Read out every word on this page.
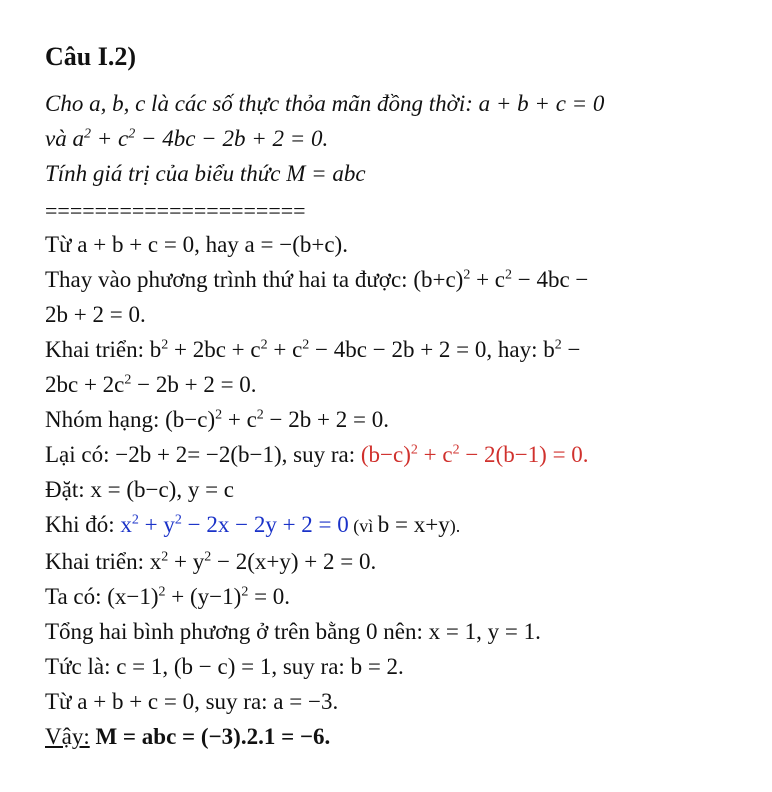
Câu I.2)
Cho a, b, c là các số thực thỏa mãn đồng thời: a + b + c = 0
và $a^2 + c^2 - 4bc - 2b + 2 = 0$.
Tính giá trị của biểu thức M = abc
=====================
Từ a + b + c = 0, hay a = −(b+c).
Thay vào phương trình thứ hai ta được: $(b+c)^2 + c^2 - 4bc$ −
2b + 2 = 0.
Khai triển: $b^2 + 2bc + c^2 + c^2 - 4bc - 2b + 2 = 0$, hay: $b^2$ −
$2bc + 2c^2 - 2b + 2 = 0$.
Nhóm hạng: $(b-c)^2 + c^2 - 2b + 2 = 0$.
Lại có: −2b + 2= −2(b−1), suy ra: $(b-c)^2 + c^2 - 2(b-1) = 0$.
Đặt: x = (b−c), y = c
Khi đó: $x^2 + y^2 - 2x - 2y + 2 = 0$ (vì b = x+y).
Khai triển: $x^2 + y^2 - 2(x+y) + 2 = 0$.
Ta có: $(x-1)^2 + (y-1)^2 = 0$.
Tổng hai bình phương ở trên bằng 0 nên: x = 1, y = 1.
Tức là: c = 1, (b − c) = 1, suy ra: b = 2.
Từ a + b + c = 0, suy ra: a = −3.
Vậy: M = abc = (−3).2.1 = −6.
